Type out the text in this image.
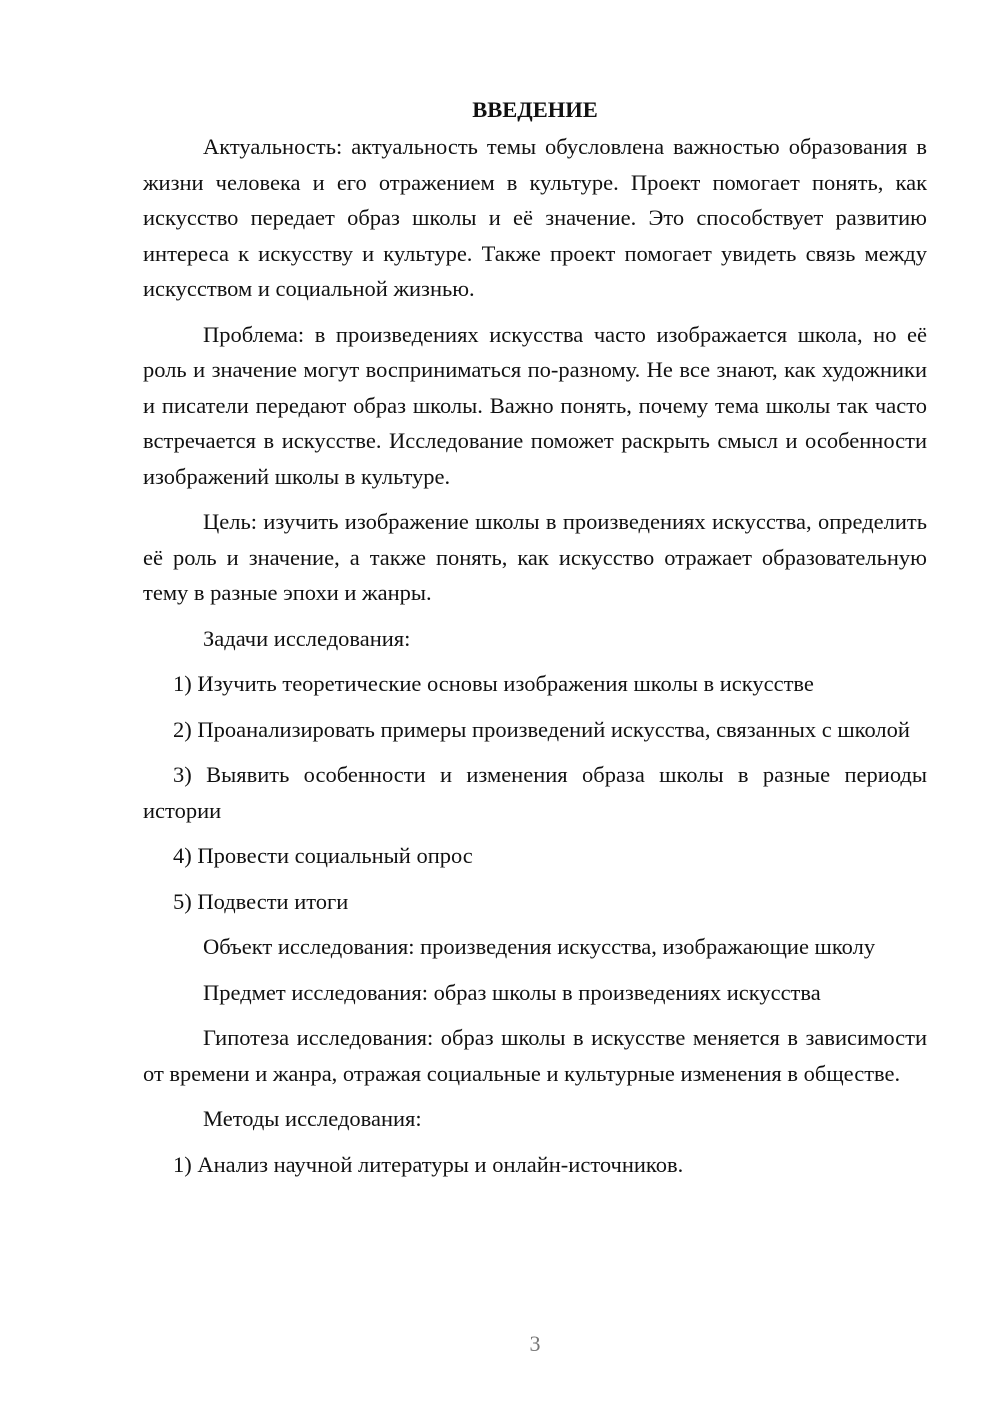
ВВЕДЕНИЕ

Актуальность: актуальность темы обусловлена важностью образования в жизни человека и его отражением в культуре. Проект помогает понять, как искусство передает образ школы и её значение. Это способствует развитию интереса к искусству и культуре. Также проект помогает увидеть связь между искусством и социальной жизнью.

Проблема: в произведениях искусства часто изображается школа, но её роль и значение могут восприниматься по-разному. Не все знают, как художники и писатели передают образ школы. Важно понять, почему тема школы так часто встречается в искусстве. Исследование поможет раскрыть смысл и особенности изображений школы в культуре.

Цель: изучить изображение школы в произведениях искусства, определить её роль и значение, а также понять, как искусство отражает образовательную тему в разные эпохи и жанры.

Задачи исследования:

1) Изучить теоретические основы изображения школы в искусстве

2) Проанализировать примеры произведений искусства, связанных с школой

3) Выявить особенности и изменения образа школы в разные периоды истории

4) Провести социальный опрос

5) Подвести итоги

Объект исследования: произведения искусства, изображающие школу

Предмет исследования: образ школы в произведениях искусства

Гипотеза исследования: образ школы в искусстве меняется в зависимости от времени и жанра, отражая социальные и культурные изменения в обществе.

Методы исследования:

1) Анализ научной литературы и онлайн-источников.

3
